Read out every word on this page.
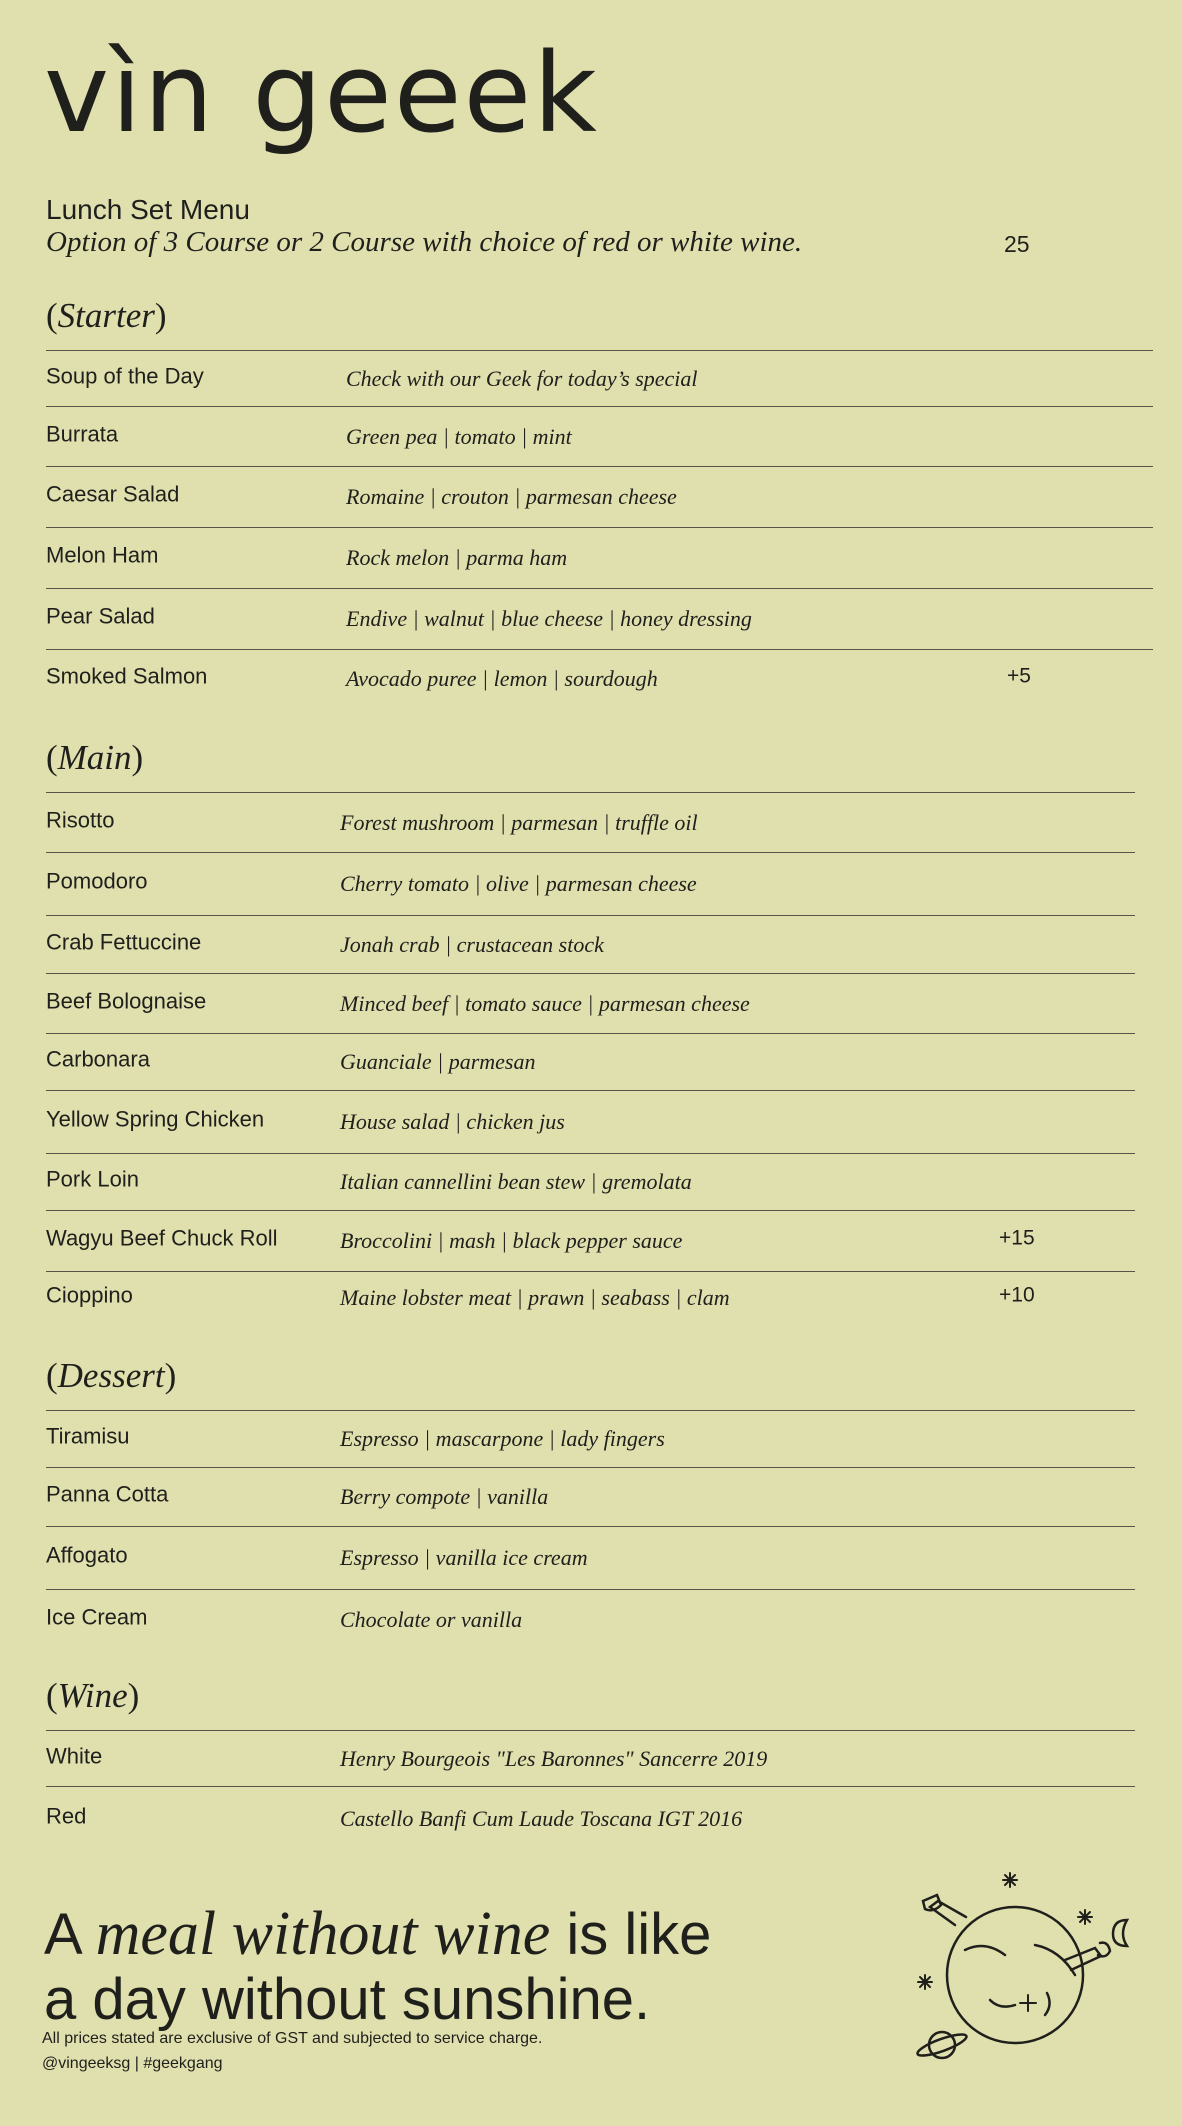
vìn geeek
Lunch Set Menu
Option of 3 Course or 2 Course with choice of red or white wine.	25
(Starter)
Soup of the Day	Check with our Geek for today’s special
Burrata	Green pea | tomato | mint
Caesar Salad	Romaine | crouton | parmesan cheese
Melon Ham	Rock melon | parma ham
Pear Salad	Endive | walnut | blue cheese | honey dressing
Smoked Salmon	Avocado puree | lemon | sourdough	+5
(Main)
Risotto	Forest mushroom | parmesan | truffle oil
Pomodoro	Cherry tomato | olive | parmesan cheese
Crab Fettuccine	Jonah crab | crustacean stock
Beef Bolognaise	Minced beef | tomato sauce | parmesan cheese
Carbonara	Guanciale | parmesan
Yellow Spring Chicken	House salad | chicken jus
Pork Loin	Italian cannellini bean stew | gremolata
Wagyu Beef Chuck Roll	Broccolini | mash | black pepper sauce	+15
Cioppino	Maine lobster meat | prawn | seabass | clam	+10
(Dessert)
Tiramisu	Espresso | mascarpone | lady fingers
Panna Cotta	Berry compote | vanilla
Affogato	Espresso | vanilla ice cream
Ice Cream	Chocolate or vanilla
(Wine)
White	Henry Bourgeois "Les Baronnes" Sancerre 2019
Red	Castello Banfi Cum Laude Toscana IGT 2016
A meal without wine is like
a day without sunshine.
All prices stated are exclusive of GST and subjected to service charge.
@vingeeksg | #geekgang
